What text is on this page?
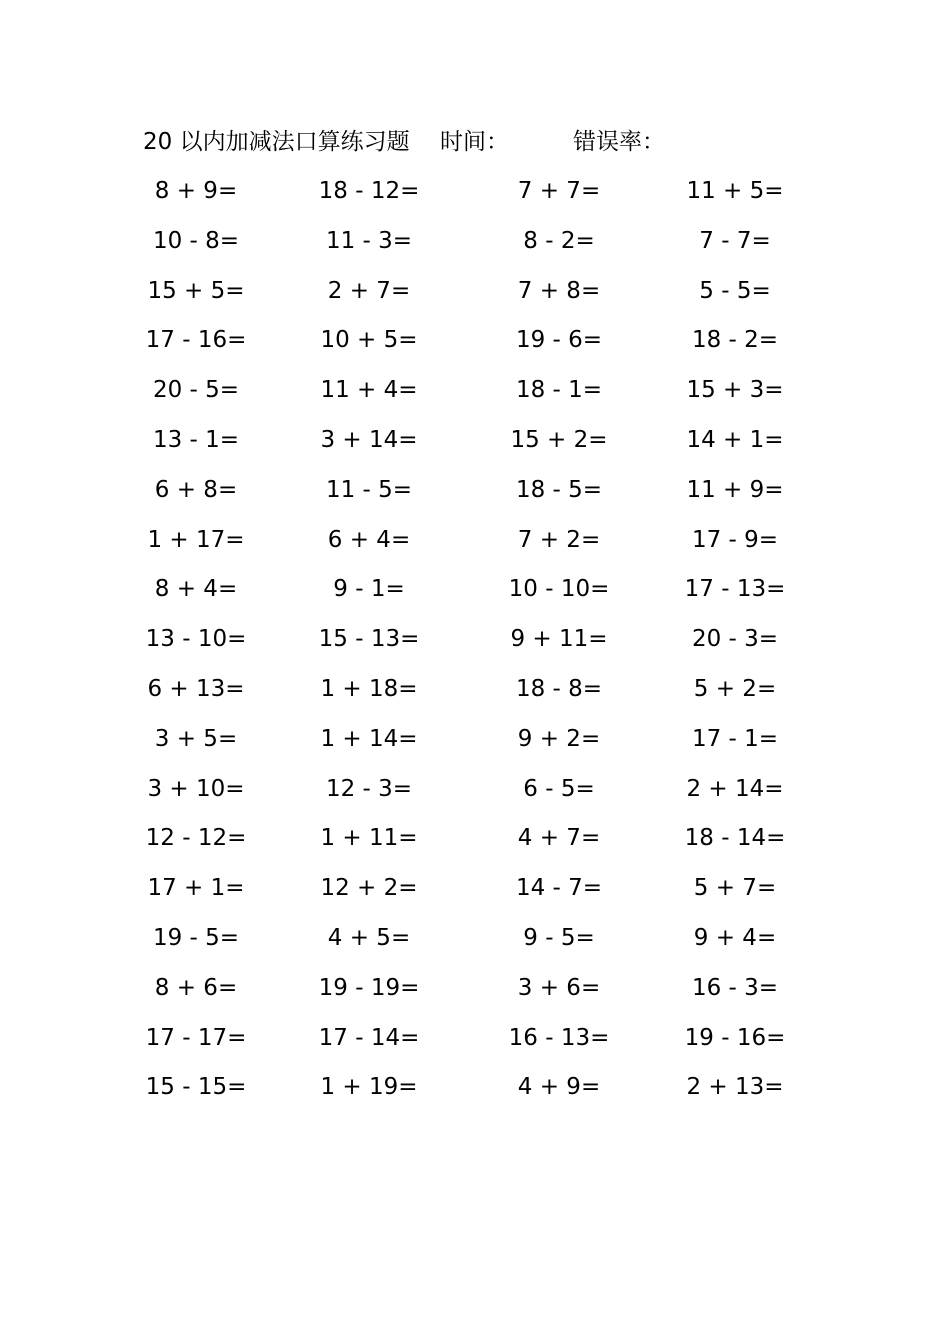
20 以内加减法口算练习题 时间：	错误率：
8 + 9=	18 - 12=	7 + 7=	11 + 5=
10 - 8=	11 - 3=	8 - 2=	7 - 7=
15 + 5=	2 + 7=	7 + 8=	5 - 5=
17 - 16=	10 + 5=	19 - 6=	18 - 2=
20 - 5=	11 + 4=	18 - 1=	15 + 3=
13 - 1=	3 + 14=	15 + 2=	14 + 1=
6 + 8=	11 - 5=	18 - 5=	11 + 9=
1 + 17=	6 + 4=	7 + 2=	17 - 9=
8 + 4=	9 - 1=	10 - 10=	17 - 13=
13 - 10=	15 - 13=	9 + 11=	20 - 3=
6 + 13=	1 + 18=	18 - 8=	5 + 2=
3 + 5=	1 + 14=	9 + 2=	17 - 1=
3 + 10=	12 - 3=	6 - 5=	2 + 14=
12 - 12=	1 + 11=	4 + 7=	18 - 14=
17 + 1=	12 + 2=	14 - 7=	5 + 7=
19 - 5=	4 + 5=	9 - 5=	9 + 4=
8 + 6=	19 - 19=	3 + 6=	16 - 3=
17 - 17=	17 - 14=	16 - 13=	19 - 16=
15 - 15=	1 + 19=	4 + 9=	2 + 13=
